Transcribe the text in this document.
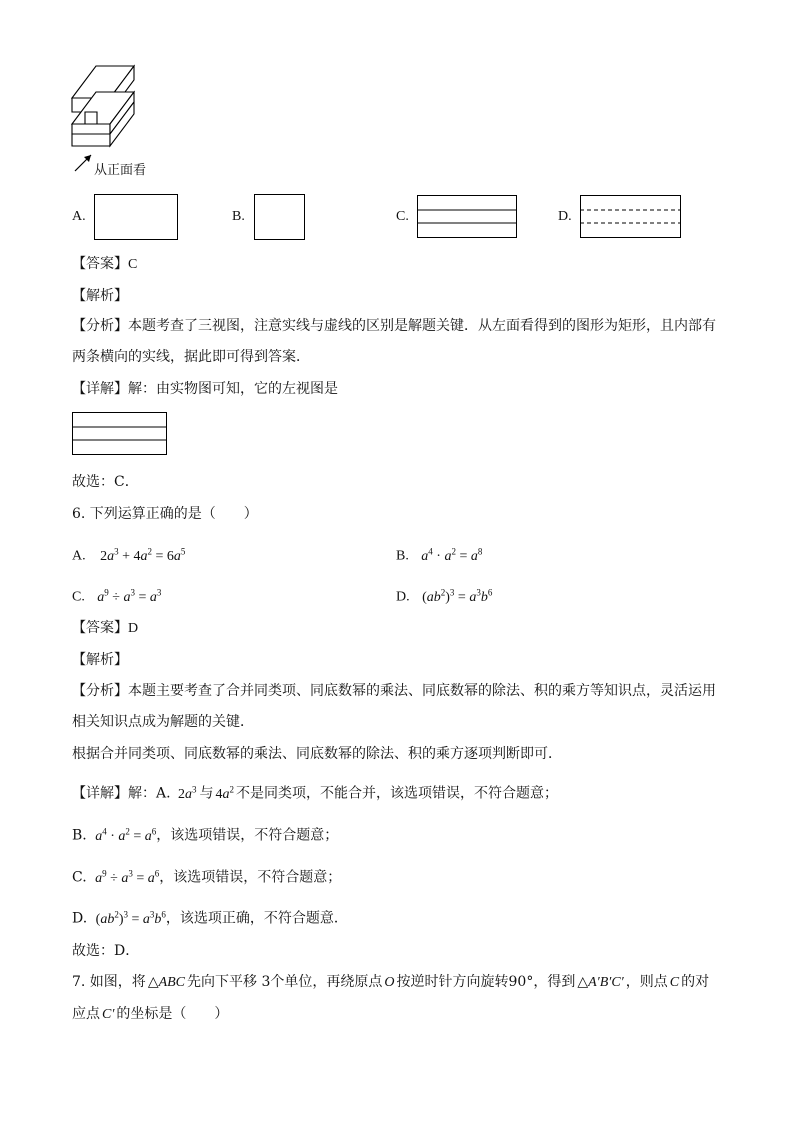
从正面看
A.	B.	C.	D.
【答案】C
【解析】
【分析】本题考查了三视图，注意实线与虚线的区别是解题关键．从左面看得到的图形为矩形，且内部有
两条横向的实线，据此即可得到答案．
【详解】解：由实物图可知，它的左视图是
故选：C．
6. 下列运算正确的是（　　）
A. $2a^3 + 4a^2 = 6a^5$	B. $a^4 \cdot a^2 = a^8$
C. $a^9 \div a^3 = a^3$	D. $(ab^2)^3 = a^3b^6$
【答案】D
【解析】
【分析】本题主要考查了合并同类项、同底数幂的乘法、同底数幂的除法、积的乘方等知识点，灵活运用
相关知识点成为解题的关键．
根据合并同类项、同底数幂的乘法、同底数幂的除法、积的乘方逐项判断即可．
【详解】解：A. $2a^3$ 与 $4a^2$ 不是同类项，不能合并，该选项错误，不符合题意；
B. $a^4 \cdot a^2 = a^6$，该选项错误，不符合题意；
C. $a^9 \div a^3 = a^6$，该选项错误，不符合题意；
D. $(ab^2)^3 = a^3b^6$，该选项正确，不符合题意．
故选：D．
7. 如图，将 △ABC 先向下平移 3个单位，再绕原点 O 按逆时针方向旋转90°，得到 △A′B′C′ ，则点 C 的对
应点 C′ 的坐标是（　　）
